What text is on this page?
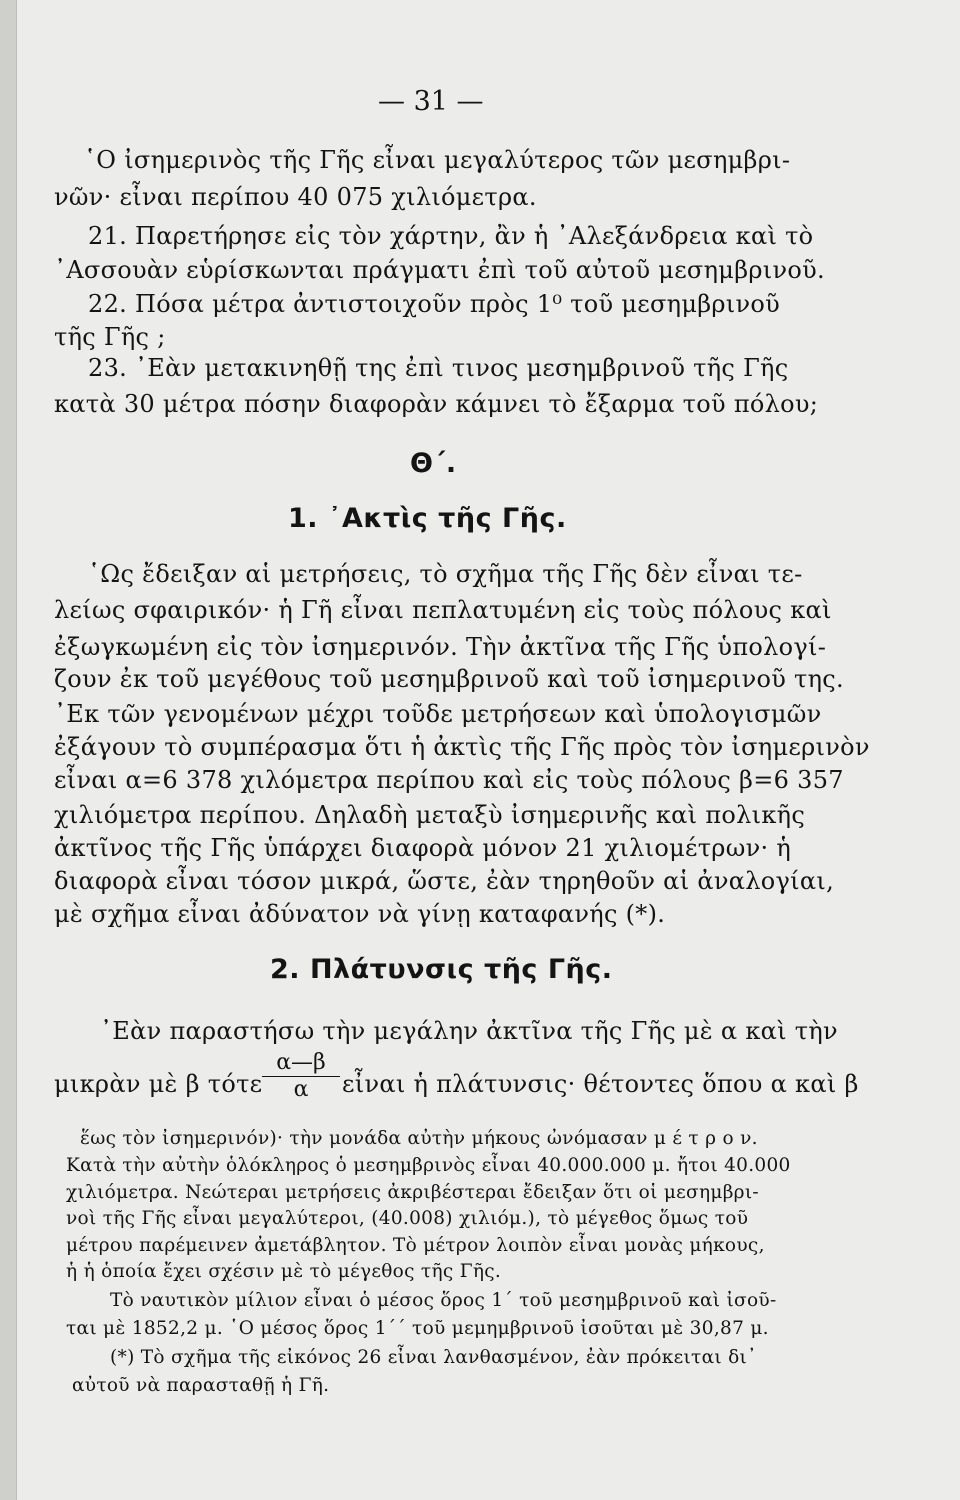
— 31 —
῾Ο ἰσημερινὸς τῆς Γῆς εἶναι μεγαλύτερος τῶν μεσημβρι-
νῶν· εἶναι περίπου 40 075 χιλιόμετρα.
21. Παρετήρησε εἰς τὸν χάρτην, ἂν ἡ ᾿Αλεξάνδρεια καὶ τὸ
᾿Ασσουὰν εὑρίσκωνται πράγματι ἐπὶ τοῦ αὐτοῦ μεσημβρινοῦ.
22. Πόσα μέτρα ἀντιστοιχοῦν πρὸς 1⁰ τοῦ μεσημβρινοῦ
τῆς Γῆς ;
23. ᾿Εὰν μετακινηθῇ της ἐπὶ τινος μεσημβρινοῦ τῆς Γῆς
κατὰ 30 μέτρα πόσην διαφορὰν κάμνει τὸ ἔξαρμα τοῦ πόλου;
Θ΄.
1. ᾿Ακτὶς τῆς Γῆς.
῾Ως ἔδειξαν αἱ μετρήσεις, τὸ σχῆμα τῆς Γῆς δὲν εἶναι τε-
λείως σφαιρικόν· ἡ Γῆ εἶναι πεπλατυμένη εἰς τοὺς πόλους καὶ
ἐξωγκωμένη εἰς τὸν ἰσημερινόν. Τὴν ἀκτῖνα τῆς Γῆς ὑπολογί-
ζουν ἐκ τοῦ μεγέθους τοῦ μεσημβρινοῦ καὶ τοῦ ἰσημερινοῦ της.
᾿Εκ τῶν γενομένων μέχρι τοῦδε μετρήσεων καὶ ὑπολογισμῶν
ἐξάγουν τὸ συμπέρασμα ὅτι ἡ ἀκτὶς τῆς Γῆς πρὸς τὸν ἰσημερινὸν
εἶναι α=6 378 χιλόμετρα περίπου καὶ εἰς τοὺς πόλους β=6 357
χιλιόμετρα περίπου. Δηλαδὴ μεταξὺ ἰσημερινῆς καὶ πολικῆς
ἀκτῖνος τῆς Γῆς ὑπάρχει διαφορὰ μόνον 21 χιλιομέτρων· ἡ
διαφορὰ εἶναι τόσον μικρά, ὥστε, ἐὰν τηρηθοῦν αἱ ἀναλογίαι,
μὲ σχῆμα εἶναι ἀδύνατον νὰ γίνῃ καταφανής (*).
2. Πλάτυνσις τῆς Γῆς.
᾿Εὰν παραστήσω τὴν μεγάλην ἀκτῖνα τῆς Γῆς μὲ α καὶ τὴν
μικρὰν μὲ β τότε
α—β
α	εἶναι ἡ πλάτυνσις· θέτοντες ὅπου α καὶ β
ἕως τὸν ἰσημερινόν)· τὴν μονάδα αὐτὴν μήκους ὠνόμασαν μ έ τ ρ ο ν.
Κατὰ τὴν αὐτὴν ὁλόκληρος ὁ μεσημβρινὸς εἶναι 40.000.000 μ. ἤτοι 40.000
χιλιόμετρα. Νεώτεραι μετρήσεις ἀκριβέστεραι ἔδειξαν ὅτι οἱ μεσημβρι-
νοὶ τῆς Γῆς εἶναι μεγαλύτεροι, (40.008) χιλιόμ.), τὸ μέγεθος ὅμως τοῦ
μέτρου παρέμεινεν ἀμετάβλητον. Τὸ μέτρον λοιπὸν εἶναι μονὰς μήκους,
ἡ ἡ ὁποία ἔχει σχέσιν μὲ τὸ μέγεθος τῆς Γῆς.
Τὸ ναυτικὸν μίλιον εἶναι ὁ μέσος ὅρος 1΄ τοῦ μεσημβρινοῦ καὶ ἰσοῦ-
ται μὲ 1852,2 μ. ῾Ο μέσος ὅρος 1΄΄ τοῦ μεμημβρινοῦ ἰσοῦται μὲ 30,87 μ.
(*) Τὸ σχῆμα τῆς εἰκόνος 26 εἶναι λανθασμένον, ἐὰν πρόκειται δι᾿
αὐτοῦ νὰ παρασταθῇ ἡ Γῆ.
